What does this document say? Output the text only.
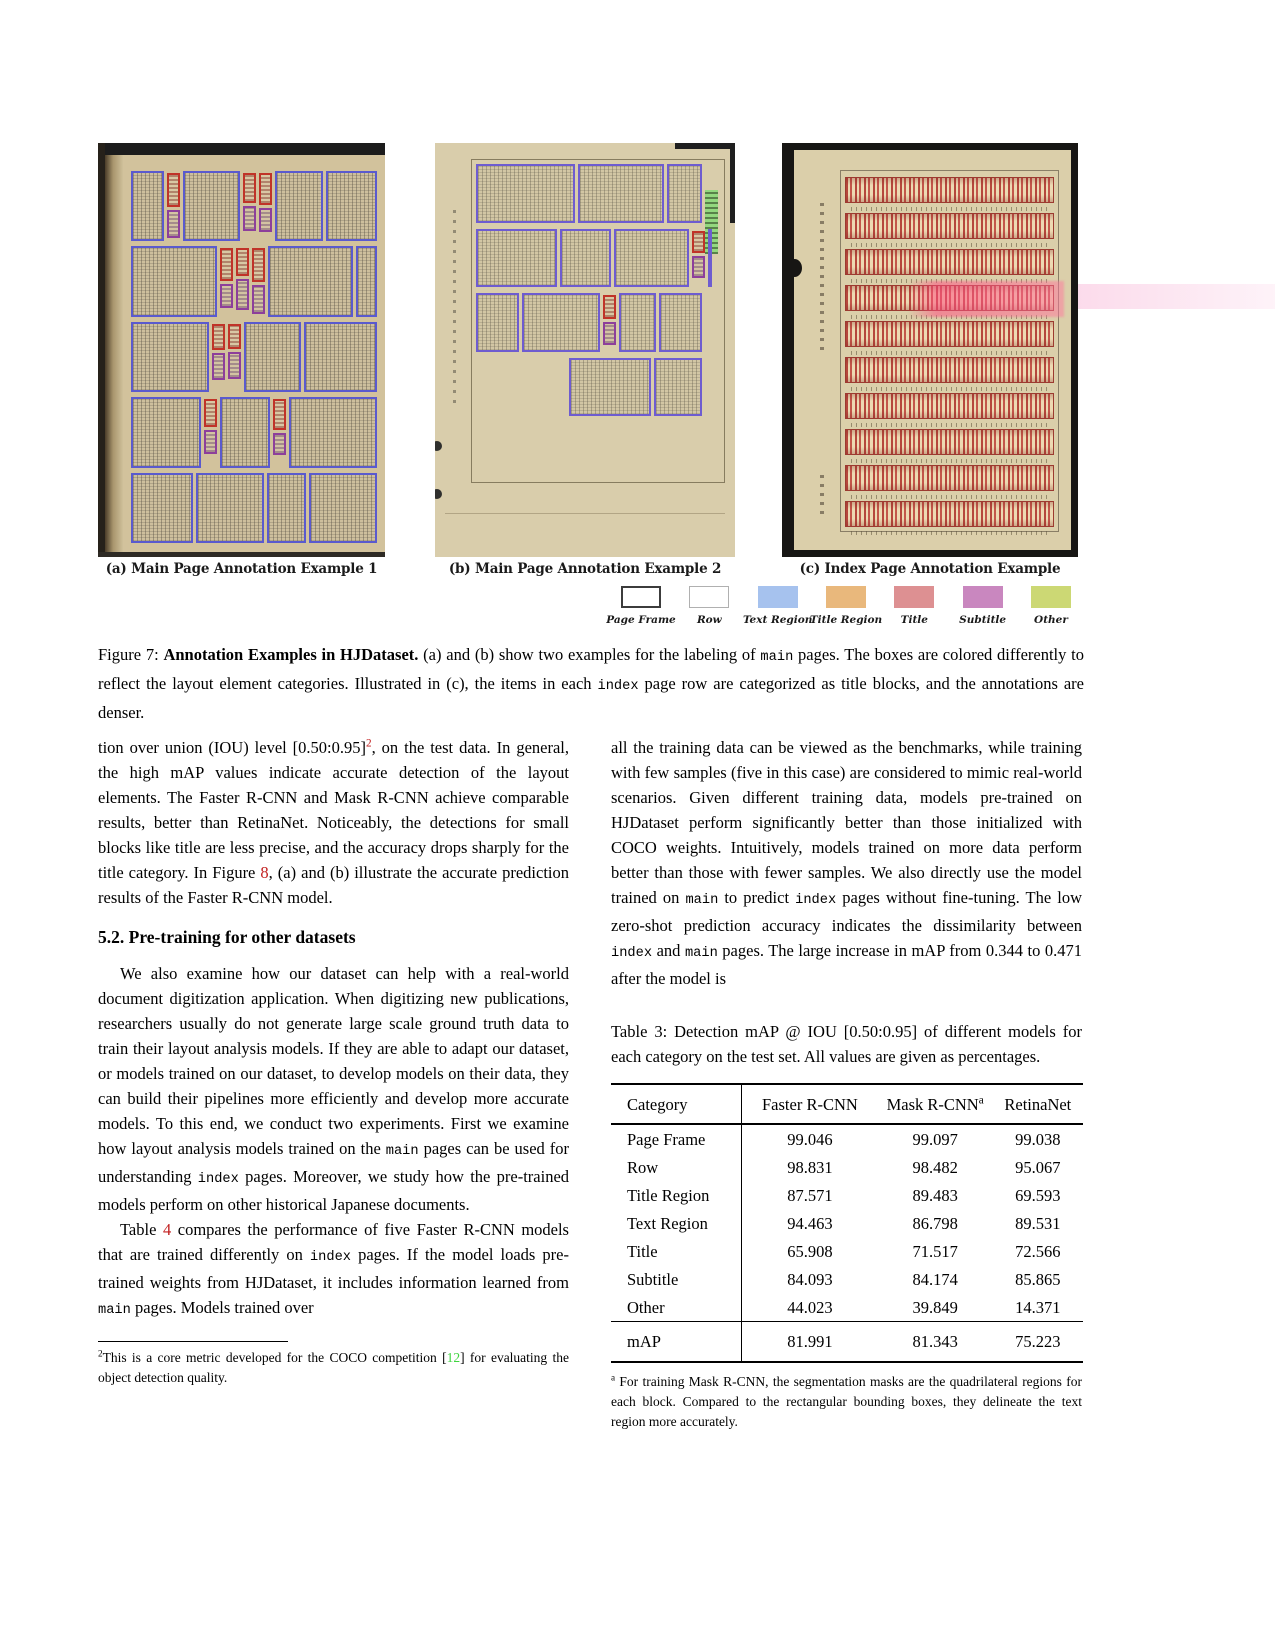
(a) Main Page Annotation Example 1	(b) Main Page Annotation Example 2	(c) Index Page Annotation Example
Page Frame Row Text Region
Title Region Title	Subtitle	Other

Figure 7: Annotation Examples in HJDataset. (a) and (b) show two examples for the labeling of main pages. The boxes are colored differently to reflect the layout element categories. Illustrated in (c), the items in each index page row are categorized as title blocks, and the annotations are denser.

tion over union (IOU) level [0.50:0.95]$^2$, on the test data. In general, the high mAP values indicate accurate detection of the layout elements. The Faster R-CNN and Mask R-CNN achieve comparable results, better than RetinaNet. Noticeably, the detections for small blocks like title are less precise, and the accuracy drops sharply for the title category. In Figure 8, (a) and (b) illustrate the accurate prediction results of the Faster R-CNN model.

5.2. Pre-training for other datasets

We also examine how our dataset can help with a real-world document digitization application. When digitizing new publications, researchers usually do not generate large scale ground truth data to train their layout analysis models. If they are able to adapt our dataset, or models trained on our dataset, to develop models on their data, they can build their pipelines more efficiently and develop more accurate models. To this end, we conduct two experiments. First we examine how layout analysis models trained on the main pages can be used for understanding index pages. Moreover, we study how the pre-trained models perform on other historical Japanese documents.

Table 4 compares the performance of five Faster R-CNN models that are trained differently on index pages. If the model loads pre-trained weights from HJDataset, it includes information learned from main pages. Models trained over

$^2$This is a core metric developed for the COCO competition [12] for evaluating the object detection quality.

all the training data can be viewed as the benchmarks, while training with few samples (five in this case) are considered to mimic real-world scenarios. Given different training data, models pre-trained on HJDataset perform significantly better than those initialized with COCO weights. Intuitively, models trained on more data perform better than those with fewer samples. We also directly use the model trained on main to predict index pages without fine-tuning. The low zero-shot prediction accuracy indicates the dissimilarity between index and main pages. The large increase in mAP from 0.344 to 0.471 after the model is

Table 3: Detection mAP @ IOU [0.50:0.95] of different models for each category on the test set. All values are given as percentages.

Category	Faster R-CNN	Mask R-CNN$^a$	RetinaNet
Page Frame	99.046	99.097	99.038
Row	98.831	98.482	95.067
Title Region	87.571	89.483	69.593
Text Region	94.463	86.798	89.531
Title	65.908	71.517	72.566
Subtitle	84.093	84.174	85.865
Other	44.023	39.849	14.371
mAP	81.991	81.343	75.223

$^a$ For training Mask R-CNN, the segmentation masks are the quadrilateral regions for each block. Compared to the rectangular bounding boxes, they delineate the text region more accurately.
